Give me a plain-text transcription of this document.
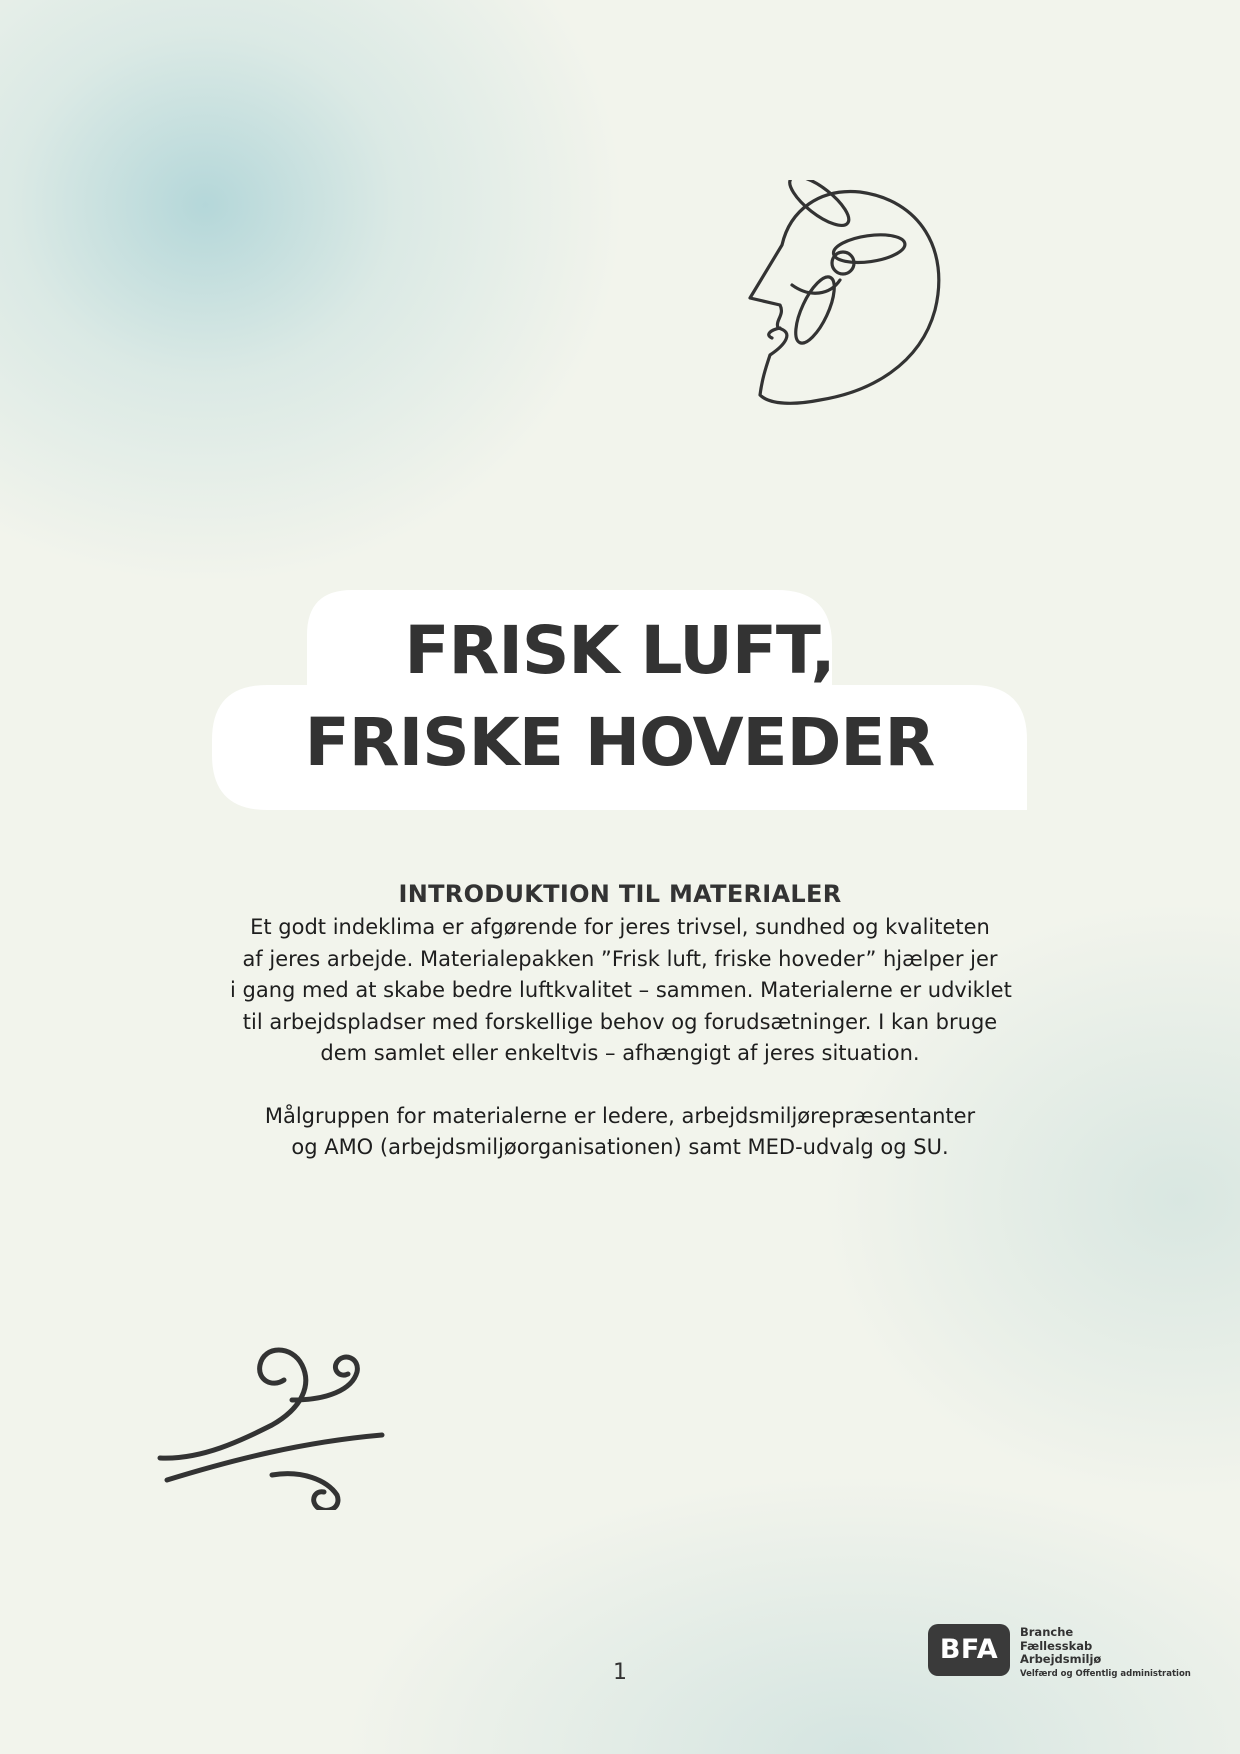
FRISK LUFT,
FRISKE HOVEDER
INTRODUKTION TIL MATERIALER

Et godt indeklima er afgørende for jeres trivsel, sundhed og kvaliteten
af jeres arbejde. Materialepakken ”Frisk luft, friske hoveder” hjælper jer
i gang med at skabe bedre luftkvalitet – sammen. Materialerne er udviklet
til arbejdspladser med forskellige behov og forudsætninger. I kan bruge
dem samlet eller enkeltvis – afhængigt af jeres situation.

Målgruppen for materialerne er ledere, arbejdsmiljørepræsentanter
og AMO (arbejdsmiljøorganisationen) samt MED-udvalg og SU.

1
BFA
Branche
Fællesskab
Arbejdsmiljø
Velfærd og Offentlig administration
